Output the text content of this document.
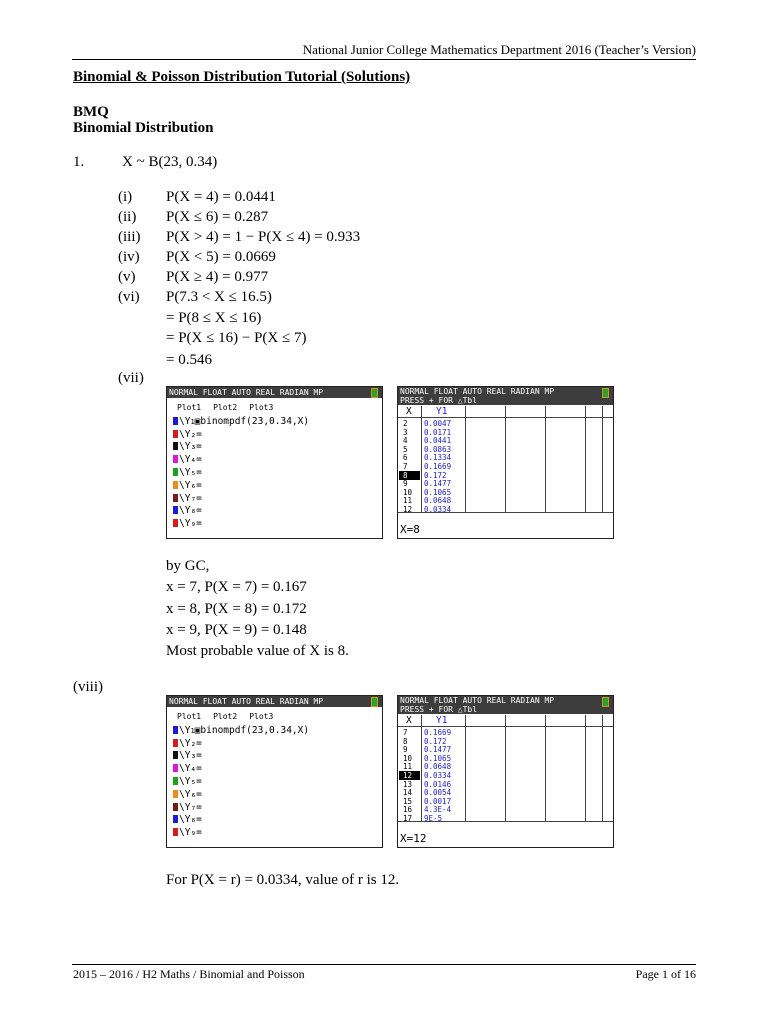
National Junior College Mathematics Department 2016 (Teacher’s Version)
Binomial & Poisson Distribution Tutorial (Solutions)
BMQ
Binomial Distribution
1.	X ~ B(23, 0.34)
(i) P(X = 4) = 0.0441
(ii) P(X ≤ 6) = 0.287
(iii) P(X > 4) = 1 − P(X ≤ 4) = 0.933
(iv) P(X < 5) = 0.0669
(v) P(X ≥ 4) = 0.977
(vi) P(7.3 < X ≤ 16.5)
= P(8 ≤ X ≤ 16)
= P(X ≤ 16) − P(X ≤ 7)
= 0.546
(vii)
NORMAL FLOAT AUTO REAL RADIAN MP
Plot1 Plot2 Plot3
\Y1▣binompdf(23,0.34,X)
\Y₂=
\Y₃=
\Y₄=
\Y₅=
\Y₆=
\Y₇=
\Y₈=
\Y₉=
NORMAL FLOAT AUTO REAL RADIAN MP
PRESS + FOR △Tbl
X	Y1
2	0.0047
3	0.0171
4	0.0441
5	0.0863
6	0.1334
7	0.1669
8	0.172
9	0.1477
10	0.1065
11	0.0648
12	0.0334
X=8
by GC,
x = 7, P(X = 7) = 0.167
x = 8, P(X = 8) = 0.172
x = 9, P(X = 9) = 0.148
Most probable value of X is 8.
(viii)
NORMAL FLOAT AUTO REAL RADIAN MP
Plot1 Plot2 Plot3
\Y1▣binompdf(23,0.34,X)
\Y₂=
\Y₃=
\Y₄=
\Y₅=
\Y₆=
\Y₇=
\Y₈=
\Y₉=
NORMAL FLOAT AUTO REAL RADIAN MP
PRESS + FOR △Tbl
X	Y1
7	0.1669
8	0.172
9	0.1477
10	0.1065
11	0.0648
12	0.0334
13	0.0146
14	0.0054
15	0.0017
16	4.3E-4
17	9E-5
X=12
For P(X = r) = 0.0334, value of r is 12.
2015 – 2016 / H2 Maths / Binomial and Poisson	Page 1 of 16
